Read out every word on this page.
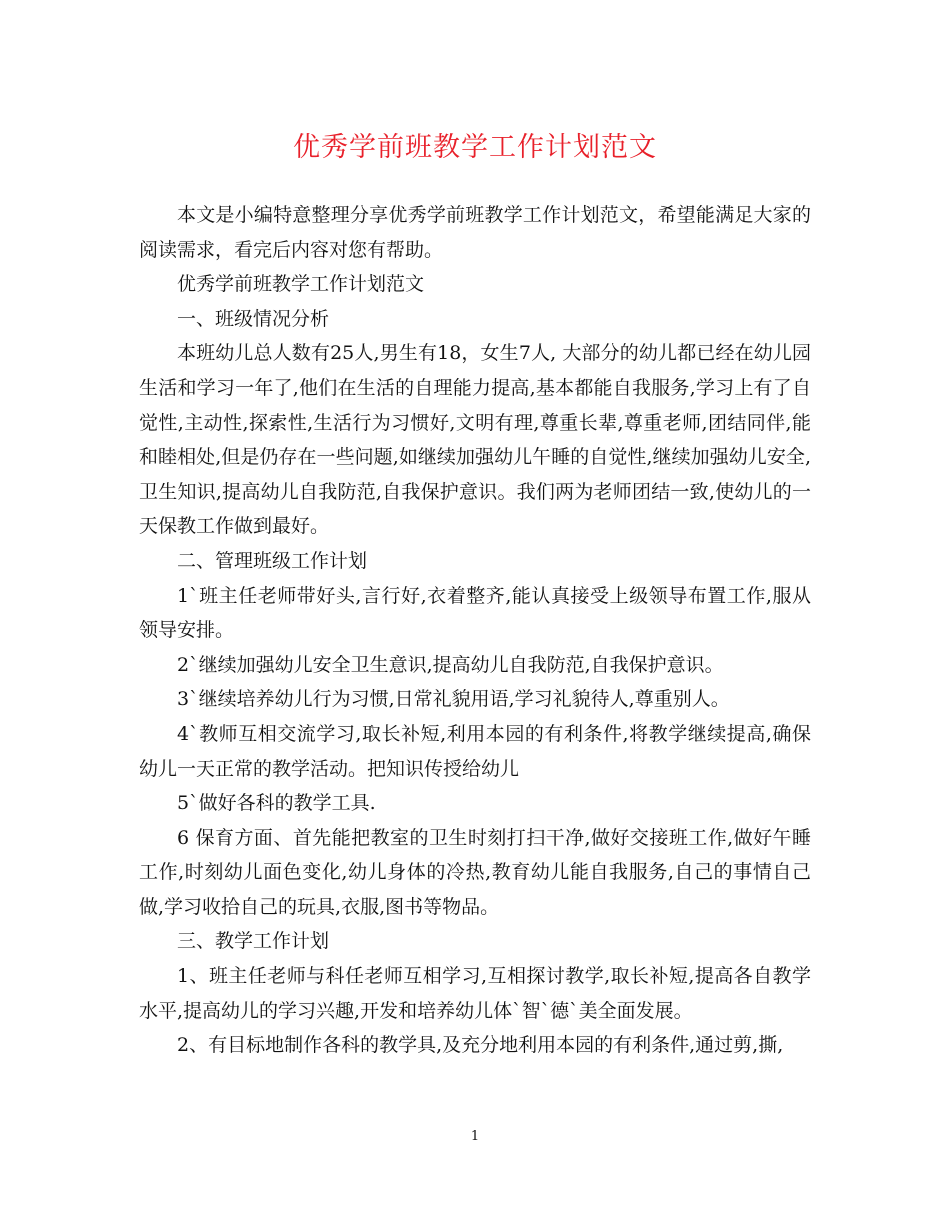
优秀学前班教学工作计划范文

本文是小编特意整理分享优秀学前班教学工作计划范文，希望能满足大家的阅读需求，看完后内容对您有帮助。

优秀学前班教学工作计划范文

一、班级情况分析

本班幼儿总人数有25人,男生有18，女生7人, 大部分的幼儿都已经在幼儿园生活和学习一年了,他们在生活的自理能力提高,基本都能自我服务,学习上有了自觉性,主动性,探索性,生活行为习惯好,文明有理,尊重长辈,尊重老师,团结同伴,能和睦相处,但是仍存在一些问题,如继续加强幼儿午睡的自觉性,继续加强幼儿安全,卫生知识,提高幼儿自我防范,自我保护意识。我们两为老师团结一致,使幼儿的一天保教工作做到最好。

二、管理班级工作计划

1`班主任老师带好头,言行好,衣着整齐,能认真接受上级领导布置工作,服从领导安排。

2`继续加强幼儿安全卫生意识,提高幼儿自我防范,自我保护意识。

3`继续培养幼儿行为习惯,日常礼貌用语,学习礼貌待人,尊重别人。

4`教师互相交流学习,取长补短,利用本园的有利条件,将教学继续提高,确保幼儿一天正常的教学活动。把知识传授给幼儿

5`做好各科的教学工具.

6 保育方面、首先能把教室的卫生时刻打扫干净,做好交接班工作,做好午睡工作,时刻幼儿面色变化,幼儿身体的冷热,教育幼儿能自我服务,自己的事情自己做,学习收拾自己的玩具,衣服,图书等物品。

三、教学工作计划

1、班主任老师与科任老师互相学习,互相探讨教学,取长补短,提高各自教学水平,提高幼儿的学习兴趣,开发和培养幼儿体`智`德`美全面发展。

2、有目标地制作各科的教学具,及充分地利用本园的有利条件,通过剪,撕,

1
